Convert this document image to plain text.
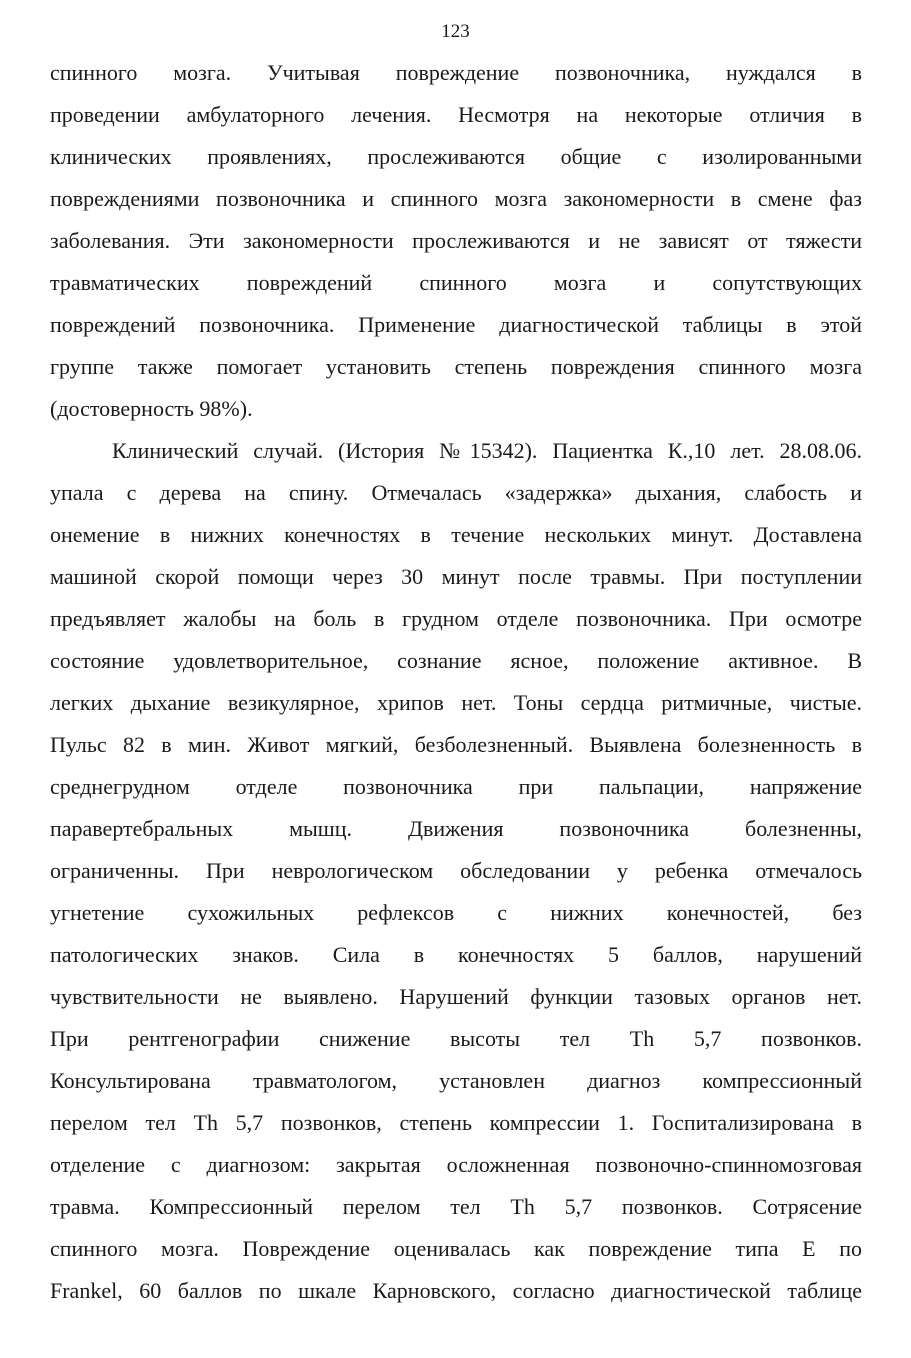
123
спинного мозга. Учитывая повреждение позвоночника, нуждался в
проведении амбулаторного лечения. Несмотря на некоторые отличия в
клинических проявлениях, прослеживаются общие с изолированными
повреждениями позвоночника и спинного мозга закономерности в смене фаз
заболевания. Эти закономерности прослеживаются и не зависят от тяжести
травматических повреждений спинного мозга и сопутствующих
повреждений позвоночника. Применение диагностической таблицы в этой
группе также помогает установить степень повреждения спинного мозга
(достоверность 98%).
Клинический случай. (История №15342). Пациентка К.,10 лет. 28.08.06.
упала с дерева на спину. Отмечалась «задержка» дыхания, слабость и
онемение в нижних конечностях в течение нескольких минут. Доставлена
машиной скорой помощи через 30 минут после травмы. При поступлении
предъявляет жалобы на боль в грудном отделе позвоночника. При осмотре
состояние удовлетворительное, сознание ясное, положение активное. В
легких дыхание везикулярное, хрипов нет. Тоны сердца ритмичные, чистые.
Пульс 82 в мин. Живот мягкий, безболезненный. Выявлена болезненность в
среднегрудном отделе позвоночника при пальпации, напряжение
паравертебральных мышц. Движения позвоночника болезненны,
ограниченны. При неврологическом обследовании у ребенка отмечалось
угнетение сухожильных рефлексов с нижних конечностей, без
патологических знаков. Сила в конечностях 5 баллов, нарушений
чувствительности не выявлено. Нарушений функции тазовых органов нет.
При рентгенографии снижение высоты тел Th 5,7 позвонков.
Консультирована травматологом, установлен диагноз компрессионный
перелом тел Th 5,7 позвонков, степень компрессии 1. Госпитализирована в
отделение с диагнозом: закрытая осложненная позвоночно-спинномозговая
травма. Компрессионный перелом тел Th 5,7 позвонков. Сотрясение
спинного мозга. Повреждение оценивалась как повреждение типа Е по
Frankel, 60 баллов по шкале Карновского, согласно диагностической таблице
